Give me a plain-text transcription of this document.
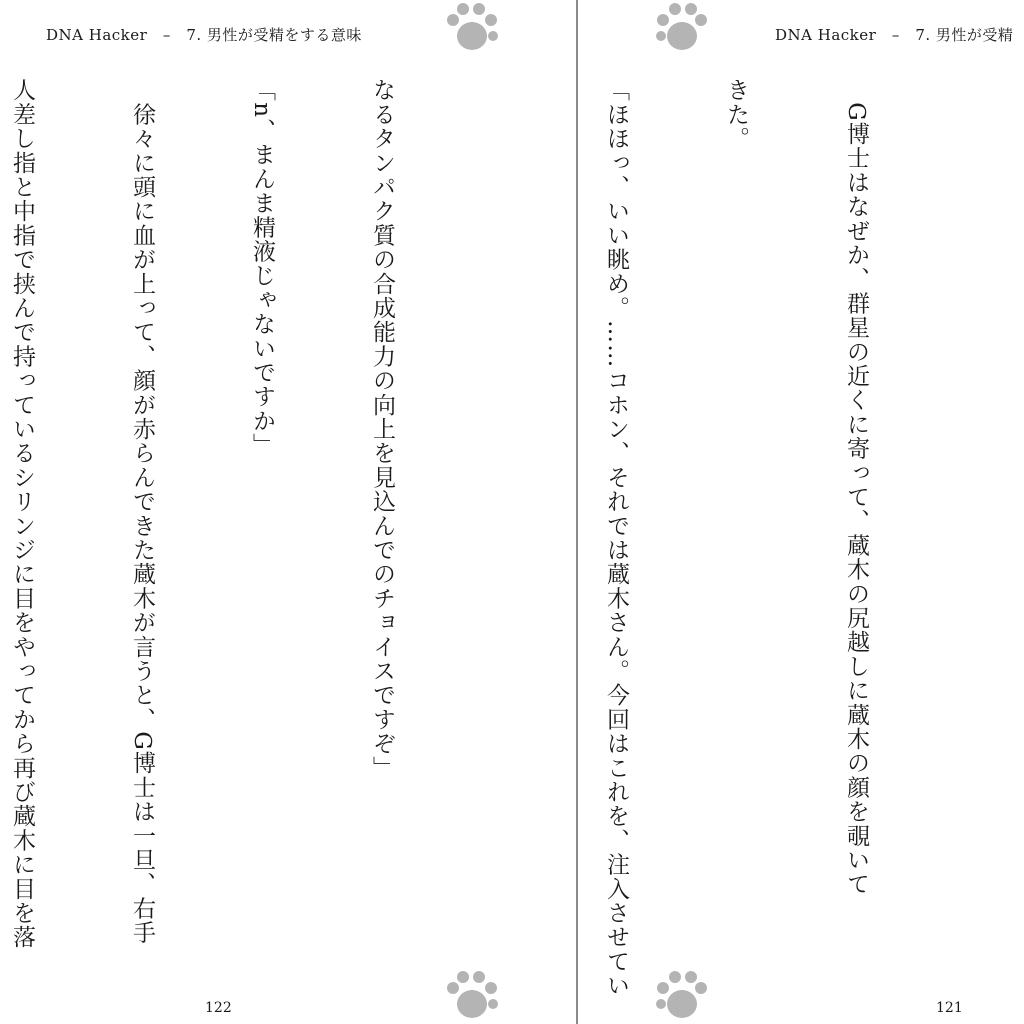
DNA Hacker　–　7. 男性が受精をする意味

なるタンパク質の合成能力の向上を見込んでのチョイスですぞ」

「n、まんま精液じゃないですか」

　徐々に頭に血が上って、顔が赤らんできた蔵木が言うと、G博士は一旦、右手

人差し指と中指で挟んで持っているシリンジに目をやってから再び蔵木に目を落

122
DNA Hacker　–　7. 男性が受精

　G博士はなぜか、群星の近くに寄って、蔵木の尻越しに蔵木の顔を覗いて

きた。

「ほほっ、いい眺め。……コホン、それでは蔵木さん。今回はこれを、注入させてい

121
